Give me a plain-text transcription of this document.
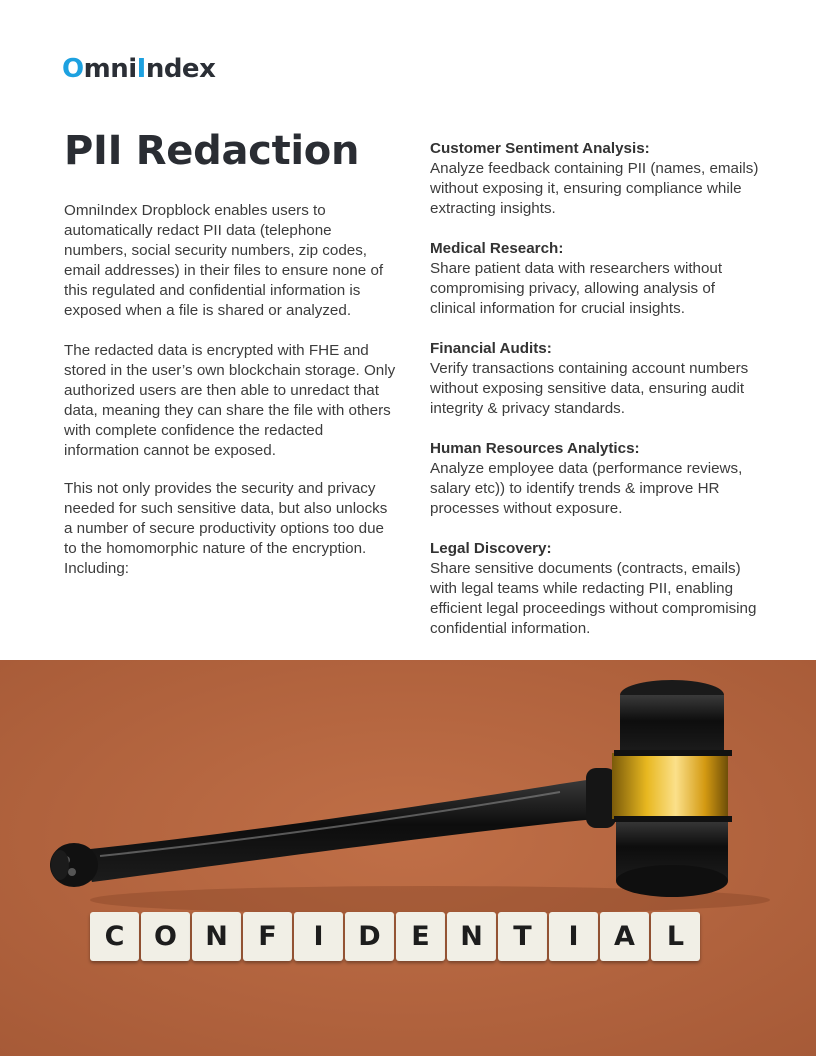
OmniIndex
PII Redaction

OmniIndex Dropblock enables users to automatically redact PII data (telephone numbers, social security numbers, zip codes, email addresses) in their files to ensure none of this regulated and confidential information is exposed when a file is shared or analyzed.

The redacted data is encrypted with FHE and stored in the user’s own blockchain storage. Only authorized users are then able to unredact that data, meaning they can share the file with others with complete confidence the redacted information cannot be exposed.

This not only provides the security and privacy needed for such sensitive data, but also unlocks a number of secure productivity options too due to the homomorphic nature of the encryption. Including:

Customer Sentiment Analysis:
Analyze feedback containing PII (names, emails) without exposing it, ensuring compliance while extracting insights.
Medical Research:
Share patient data with researchers without compromising privacy, allowing analysis of clinical information for crucial insights.
Financial Audits:
Verify transactions containing account numbers without exposing sensitive data, ensuring audit integrity & privacy standards.
Human Resources Analytics:
Analyze employee data (performance reviews, salary etc)) to identify trends & improve HR processes without exposure.
Legal Discovery:
Share sensitive documents (contracts, emails) with legal teams while redacting PII, enabling efficient legal proceedings without compromising confidential information.
C	O	N	F	I	D	E	N	T	I	A	L
